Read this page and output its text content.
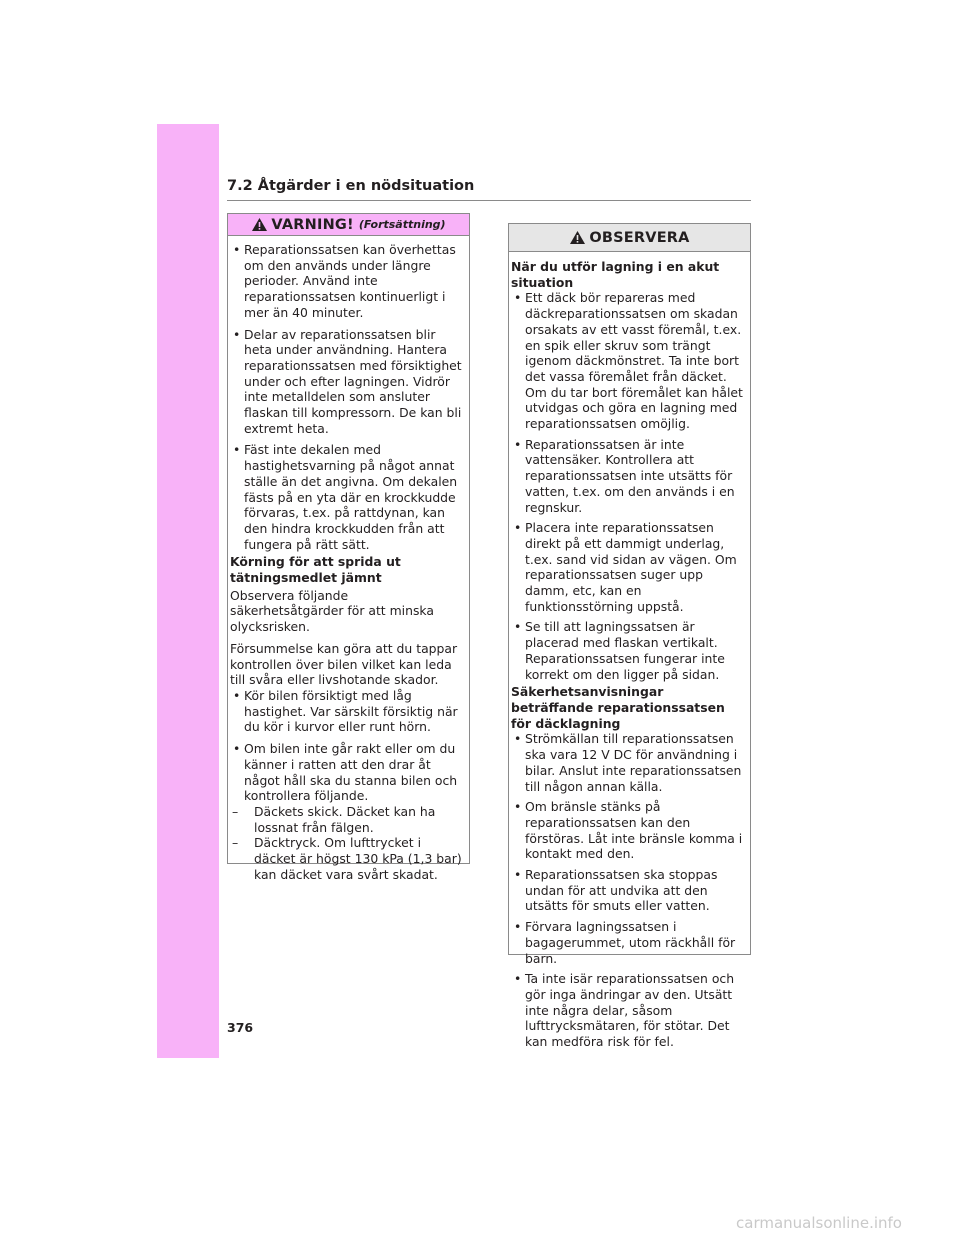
7.2 Åtgärder i en nödsituation
VARNING! (Fortsättning)
• Reparationssatsen kan överhettas om den används under längre perioder. Använd inte reparationssatsen kontinuerligt i mer än 40 minuter.
• Delar av reparationssatsen blir heta under användning. Hantera reparationssatsen med försiktighet under och efter lagningen. Vidrör inte metalldelen som ansluter flaskan till kompressorn. De kan bli extremt heta.
• Fäst inte dekalen med hastighetsvarning på något annat ställe än det angivna. Om dekalen fästs på en yta där en krockkudde förvaras, t.ex. på rattdynan, kan den hindra krockkudden från att fungera på rätt sätt.
Körning för att sprida ut tätningsmedlet jämnt
Observera följande säkerhetsåtgärder för att minska olycksrisken.
Försummelse kan göra att du tappar kontrollen över bilen vilket kan leda till svåra eller livshotande skador.
• Kör bilen försiktigt med låg hastighet. Var särskilt försiktig när du kör i kurvor eller runt hörn.
• Om bilen inte går rakt eller om du känner i ratten att den drar åt något håll ska du stanna bilen och kontrollera följande.
– Däckets skick. Däcket kan ha lossnat från fälgen.
– Däcktryck. Om lufttrycket i däcket är högst 130 kPa (1,3 bar) kan däcket vara svårt skadat.
OBSERVERA
När du utför lagning i en akut situation
• Ett däck bör repareras med däckreparationssatsen om skadan orsakats av ett vasst föremål, t.ex. en spik eller skruv som trängt igenom däckmönstret. Ta inte bort det vassa föremålet från däcket. Om du tar bort föremålet kan hålet utvidgas och göra en lagning med reparationssatsen omöjlig.
• Reparationssatsen är inte vattensäker. Kontrollera att reparationssatsen inte utsätts för vatten, t.ex. om den används i en regnskur.
• Placera inte reparationssatsen direkt på ett dammigt underlag, t.ex. sand vid sidan av vägen. Om reparationssatsen suger upp damm, etc, kan en funktionsstörning uppstå.
• Se till att lagningssatsen är placerad med flaskan vertikalt. Reparationssatsen fungerar inte korrekt om den ligger på sidan.
Säkerhetsanvisningar beträffande reparationssatsen för däcklagning
• Strömkällan till reparationssatsen ska vara 12 V DC för användning i bilar. Anslut inte reparationssatsen till någon annan källa.
• Om bränsle stänks på reparationssatsen kan den förstöras. Låt inte bränsle komma i kontakt med den.
• Reparationssatsen ska stoppas undan för att undvika att den utsätts för smuts eller vatten.
• Förvara lagningssatsen i bagagerummet, utom räckhåll för barn.
• Ta inte isär reparationssatsen och gör inga ändringar av den. Utsätt inte några delar, såsom lufttrycksmätaren, för stötar. Det kan medföra risk för fel.
376
carmanualsonline.info
